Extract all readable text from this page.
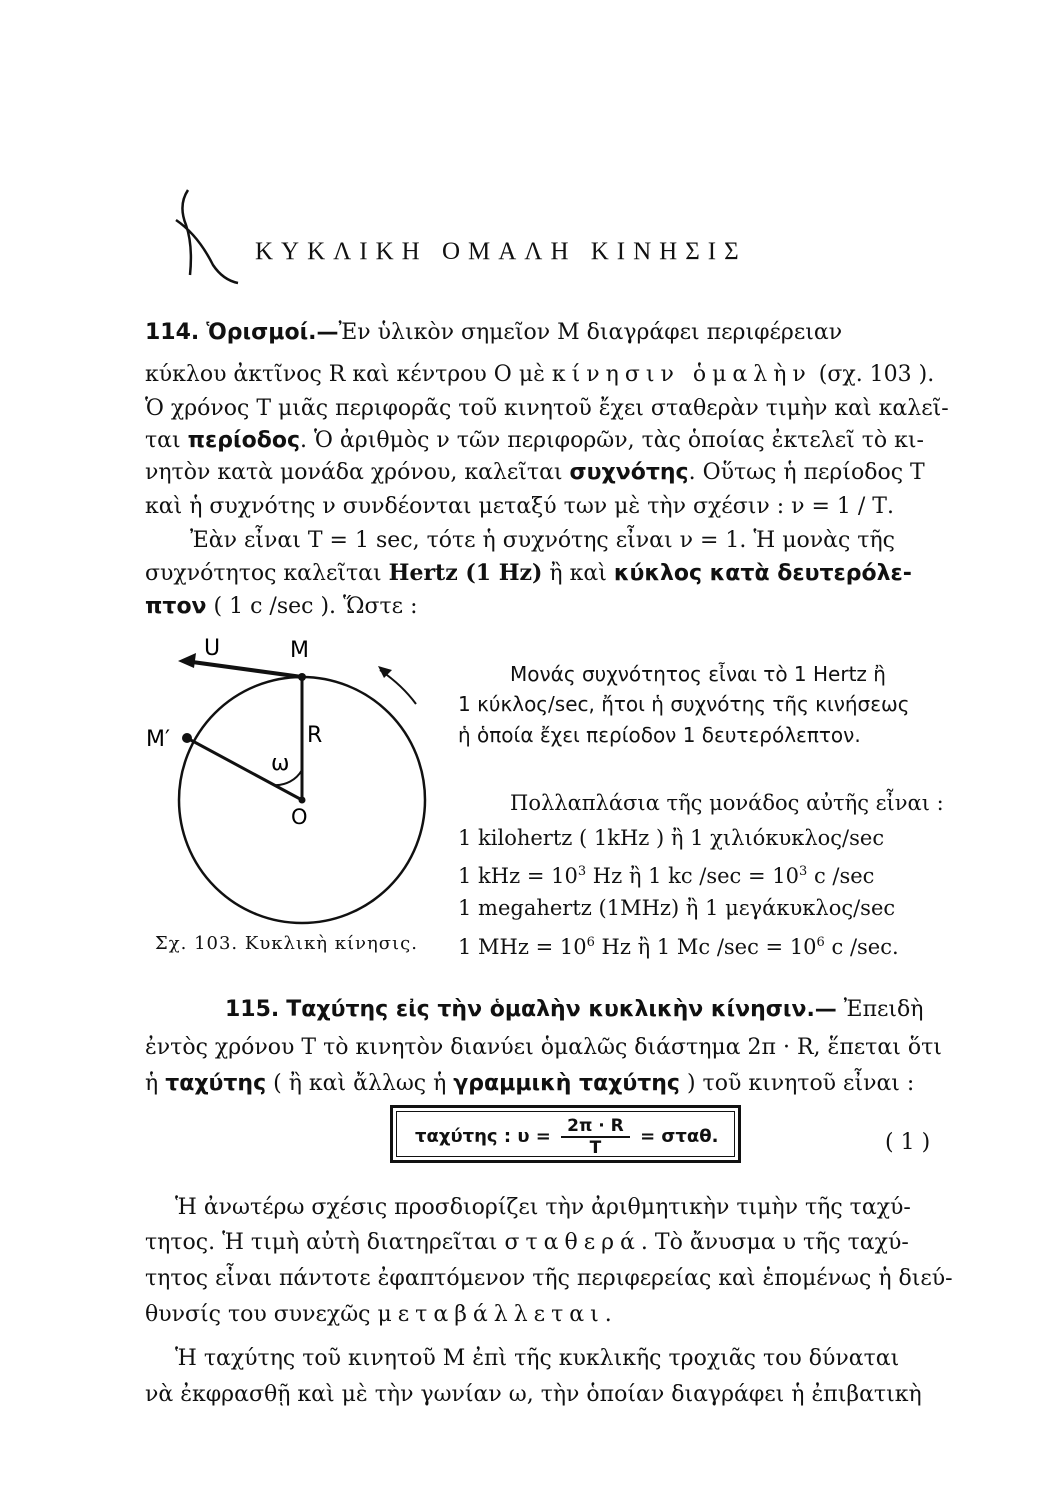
ΚΥΚΛΙΚΗ ΟΜΑΛΗ ΚΙΝΗΣΙΣ
114. Ὁρισμοί.—Ἐν ὑλικὸν σημεῖον Μ διαγράφει περιφέρειαν
κύκλου ἀκτῖνος R καὶ κέντρου O μὲ κίνησιν ὁμαλὴν (σχ. 103 ).
Ὁ χρόνος Τ μιᾶς περιφορᾶς τοῦ κινητοῦ ἔχει σταθερὰν τιμὴν καὶ καλεῖ-
ται περίοδος. Ὁ ἀριθμὸς ν τῶν περιφορῶν, τὰς ὁποίας ἐκτελεῖ τὸ κι-
νητὸν κατὰ μονάδα χρόνου, καλεῖται συχνότης. Οὕτως ἡ περίοδος Τ
καὶ ἡ συχνότης ν συνδέονται μεταξύ των μὲ τὴν σχέσιν : ν = 1 / Τ.
Ἐὰν εἶναι Τ = 1 sec, τότε ἡ συχνότης εἶναι ν = 1. Ἡ μονὰς τῆς
συχνότητος καλεῖται Hertz (1 Hz) ἢ καὶ κύκλος κατὰ δευτερόλε-
πτον ( 1 c /sec ). Ὥστε :
U	M
M′	R
ω
O
Σχ. 103. Κυκλικὴ κίνησις.
Μονάς συχνότητος εἶναι τὸ 1 Hertz ἢ
1 κύκλος/sec, ἤτοι ἡ συχνότης τῆς κινήσεως
ἡ ὁποία ἔχει περίοδον 1 δευτερόλεπτον.
Πολλαπλάσια τῆς μονάδος αὐτῆς εἶναι :
1 kilohertz ( 1kHz ) ἢ 1 χιλιόκυκλος/sec
1 kHz = $10^3$ Hz ἢ 1 kc $/\sec = 10^3$ c /sec
1 megahertz (1MHz) ἢ 1 μεγάκυκλος/sec
1 MHz = $10^6$ Hz ἢ 1 Mc $/\sec = 10^6$ c /sec.
115. Ταχύτης εἰς τὴν ὁμαλὴν κυκλικὴν κίνησιν.— Ἐπειδὴ
ἐντὸς χρόνου Τ τὸ κινητὸν διανύει ὁμαλῶς διάστημα 2π · R, ἕπεται ὅτι
ἡ ταχύτης ( ἢ καὶ ἄλλως ἡ γραμμικὴ ταχύτης ) τοῦ κινητοῦ εἶναι :
ταχύτης : $\upsilon = \frac{2\pi \cdot R}{T} = \sigma\tau\alpha\theta$.	( 1 )
Ἡ ἀνωτέρω σχέσις προσδιορίζει τὴν ἀριθμητικὴν τιμὴν τῆς ταχύ-
τητος. Ἡ τιμὴ αὐτὴ διατηρεῖται σταθερά. Τὸ ἄνυσμα υ τῆς ταχύ-
τητος εἶναι πάντοτε ἐφαπτόμενον τῆς περιφερείας καὶ ἑπομένως ἡ διεύ-
θυνσίς του συνεχῶς μεταβάλλεται.
Ἡ ταχύτης τοῦ κινητοῦ Μ ἐπὶ τῆς κυκλικῆς τροχιᾶς του δύναται
νὰ ἐκφρασθῇ καὶ μὲ τὴν γωνίαν ω, τὴν ὁποίαν διαγράφει ἡ ἐπιβατικὴ
